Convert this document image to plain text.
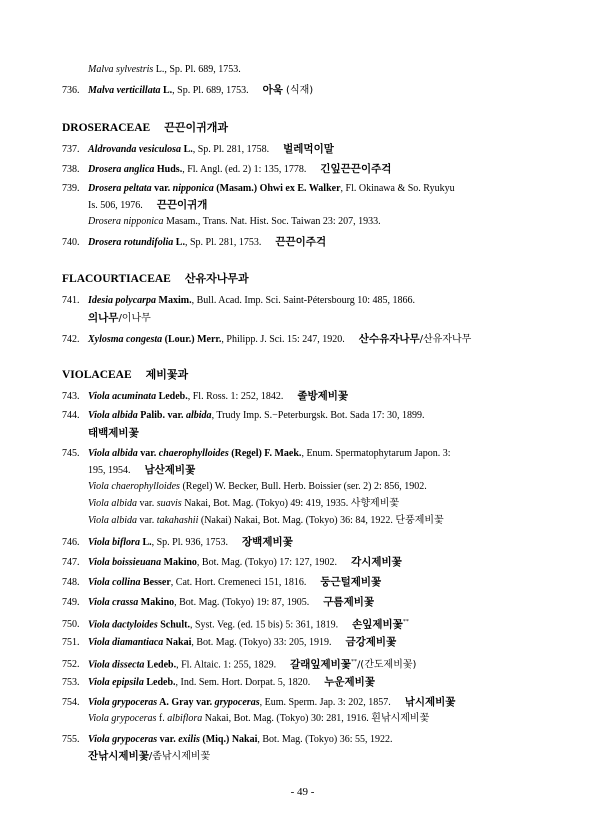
Malva sylvestris L., Sp. Pl. 689, 1753.
736. Malva verticillata L., Sp. Pl. 689, 1753. 아욱 (식재)
DROSERACEAE 끈끈이귀개과
737. Aldrovanda vesiculosa L., Sp. Pl. 281, 1758. 벌레먹이말
738. Drosera anglica Huds., Fl. Angl. (ed. 2) 1: 135, 1778. 긴잎끈끈이주걱
739. Drosera peltata var. nipponica (Masam.) Ohwi ex E. Walker, Fl. Okinawa & So. Ryukyu
Is. 506, 1976. 끈끈이귀개
Drosera nipponica Masam., Trans. Nat. Hist. Soc. Taiwan 23: 207, 1933.
740. Drosera rotundifolia L., Sp. Pl. 281, 1753. 끈끈이주걱
FLACOURTIACEAE 산유자나무과
741. Idesia polycarpa Maxim., Bull. Acad. Imp. Sci. Saint-Pétersbourg 10: 485, 1866.
의나무/이나무
742. Xylosma congesta (Lour.) Merr., Philipp. J. Sci. 15: 247, 1920. 산수유자나무/산유자나무
VIOLACEAE 제비꽃과
743. Viola acuminata Ledeb., Fl. Ross. 1: 252, 1842. 졸방제비꽃
744. Viola albida Palib. var. albida, Trudy Imp. S.−Peterburgsk. Bot. Sada 17: 30, 1899.
태백제비꽃
745. Viola albida var. chaerophylloides (Regel) F. Maek., Enum. Spermatophytarum Japon. 3:
195, 1954. 남산제비꽃
Viola chaerophylloides (Regel) W. Becker, Bull. Herb. Boissier (ser. 2) 2: 856, 1902.
Viola albida var. suavis Nakai, Bot. Mag. (Tokyo) 49: 419, 1935. 사향제비꽃
Viola albida var. takahashii (Nakai) Nakai, Bot. Mag. (Tokyo) 36: 84, 1922. 단풍제비꽃
746. Viola biflora L., Sp. Pl. 936, 1753. 장백제비꽃
747. Viola boissieuana Makino, Bot. Mag. (Tokyo) 17: 127, 1902. 각시제비꽃
748. Viola collina Besser, Cat. Hort. Cremeneci 151, 1816. 둥근털제비꽃
749. Viola crassa Makino, Bot. Mag. (Tokyo) 19: 87, 1905. 구름제비꽃
750. Viola dactyloides Schult., Syst. Veg. (ed. 15 bis) 5: 361, 1819. 손잎제비꽃**
751. Viola diamantiaca Nakai, Bot. Mag. (Tokyo) 33: 205, 1919. 금강제비꽃
752. Viola dissecta Ledeb., Fl. Altaic. 1: 255, 1829. 갈래잎제비꽃**/(간도제비꽃)
753. Viola epipsila Ledeb., Ind. Sem. Hort. Dorpat. 5, 1820. 누운제비꽃
754. Viola grypoceras A. Gray var. grypoceras, Eum. Sperm. Jap. 3: 202, 1857. 낚시제비꽃
Viola grypoceras f. albiflora Nakai, Bot. Mag. (Tokyo) 30: 281, 1916. 흰낚시제비꽃
755. Viola grypoceras var. exilis (Miq.) Nakai, Bot. Mag. (Tokyo) 36: 55, 1922.
잔낚시제비꽃/좀낚시제비꽃
- 49 -
